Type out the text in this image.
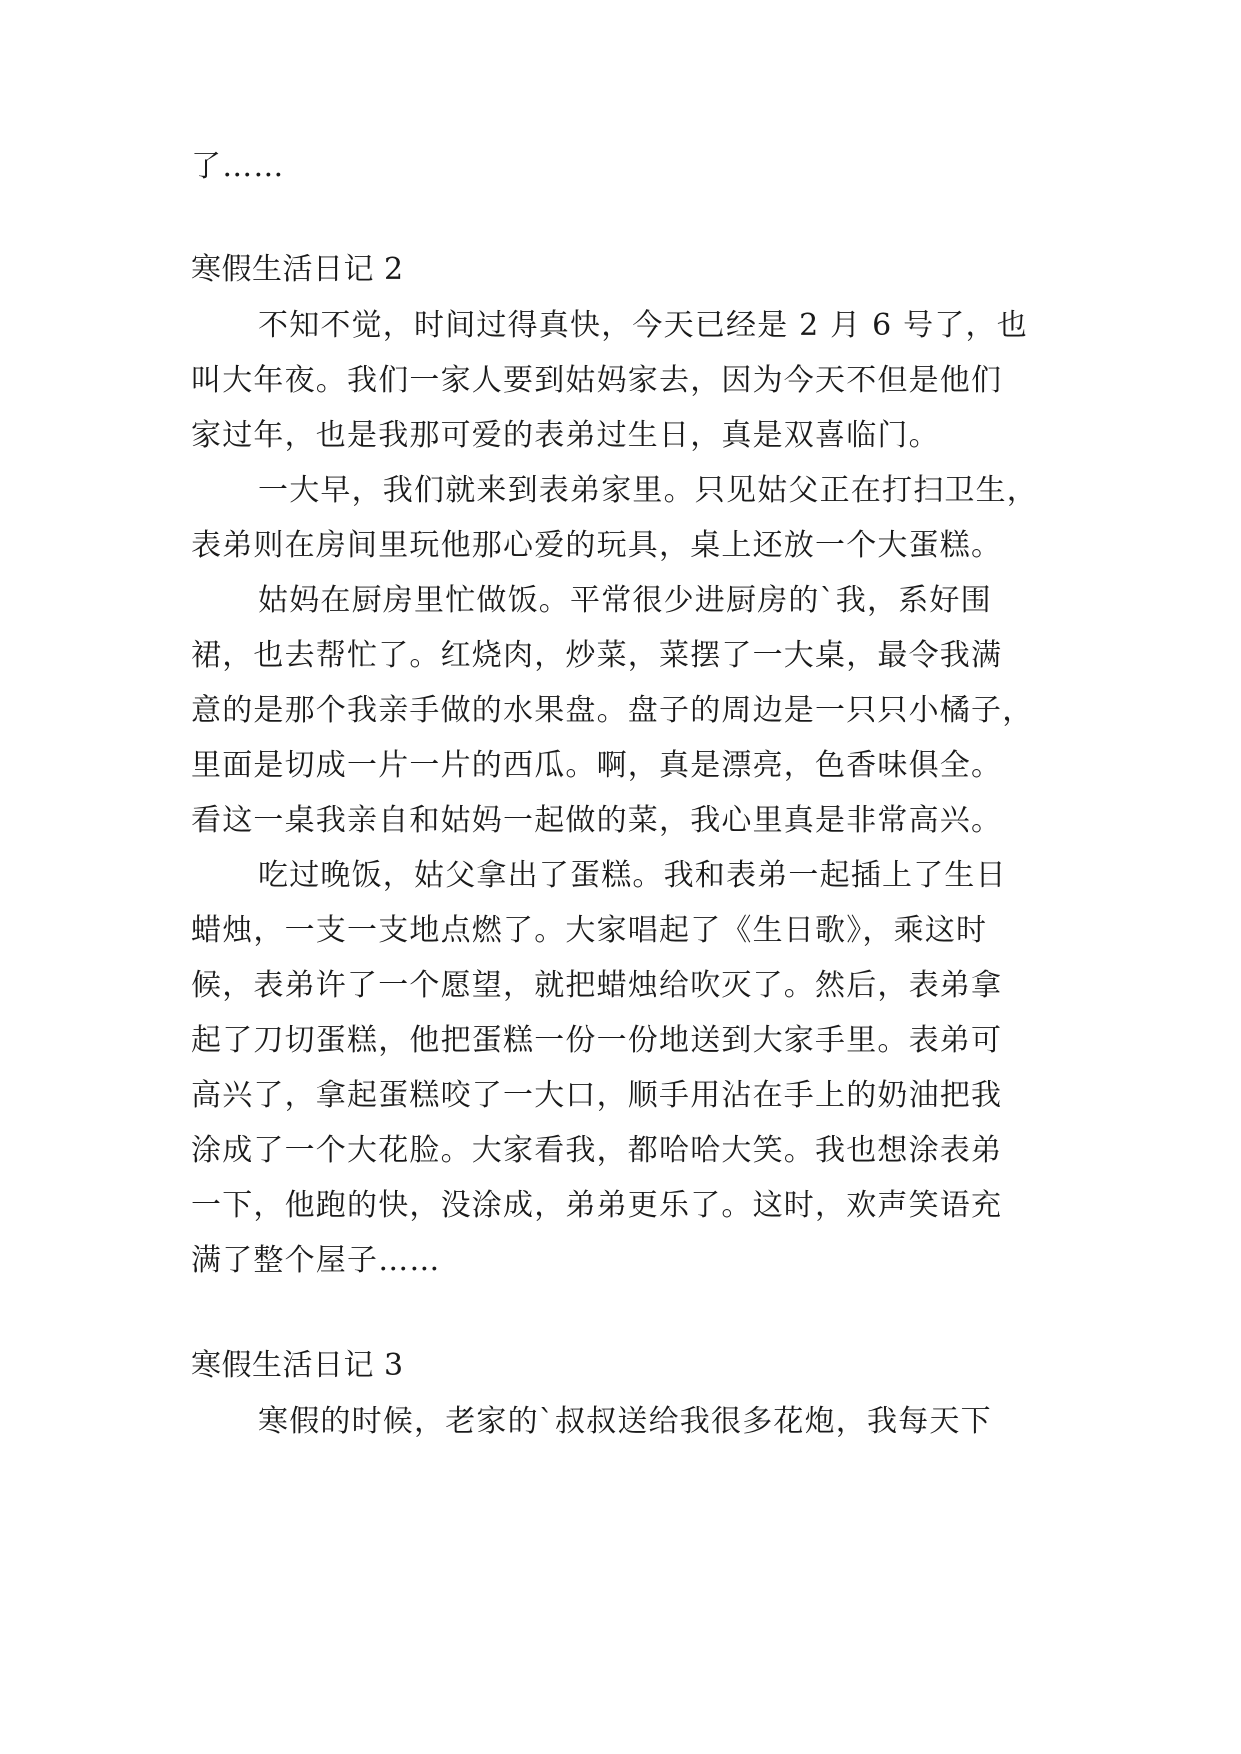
了……
寒假生活日记 2
不知不觉，时间过得真快，今天已经是 2 月 6 号了，也
叫大年夜。我们一家人要到姑妈家去，因为今天不但是他们
家过年，也是我那可爱的表弟过生日，真是双喜临门。
一大早，我们就来到表弟家里。只见姑父正在打扫卫生，
表弟则在房间里玩他那心爱的玩具，桌上还放一个大蛋糕。
姑妈在厨房里忙做饭。平常很少进厨房的`我，系好围
裙，也去帮忙了。红烧肉，炒菜，菜摆了一大桌，最令我满
意的是那个我亲手做的水果盘。盘子的周边是一只只小橘子，
里面是切成一片一片的西瓜。啊，真是漂亮，色香味俱全。
看这一桌我亲自和姑妈一起做的菜，我心里真是非常高兴。
吃过晚饭，姑父拿出了蛋糕。我和表弟一起插上了生日
蜡烛，一支一支地点燃了。大家唱起了《生日歌》，乘这时
候，表弟许了一个愿望，就把蜡烛给吹灭了。然后，表弟拿
起了刀切蛋糕，他把蛋糕一份一份地送到大家手里。表弟可
高兴了，拿起蛋糕咬了一大口，顺手用沾在手上的奶油把我
涂成了一个大花脸。大家看我，都哈哈大笑。我也想涂表弟
一下，他跑的快，没涂成，弟弟更乐了。这时，欢声笑语充
满了整个屋子……
寒假生活日记 3
寒假的时候，老家的`叔叔送给我很多花炮，我每天下
